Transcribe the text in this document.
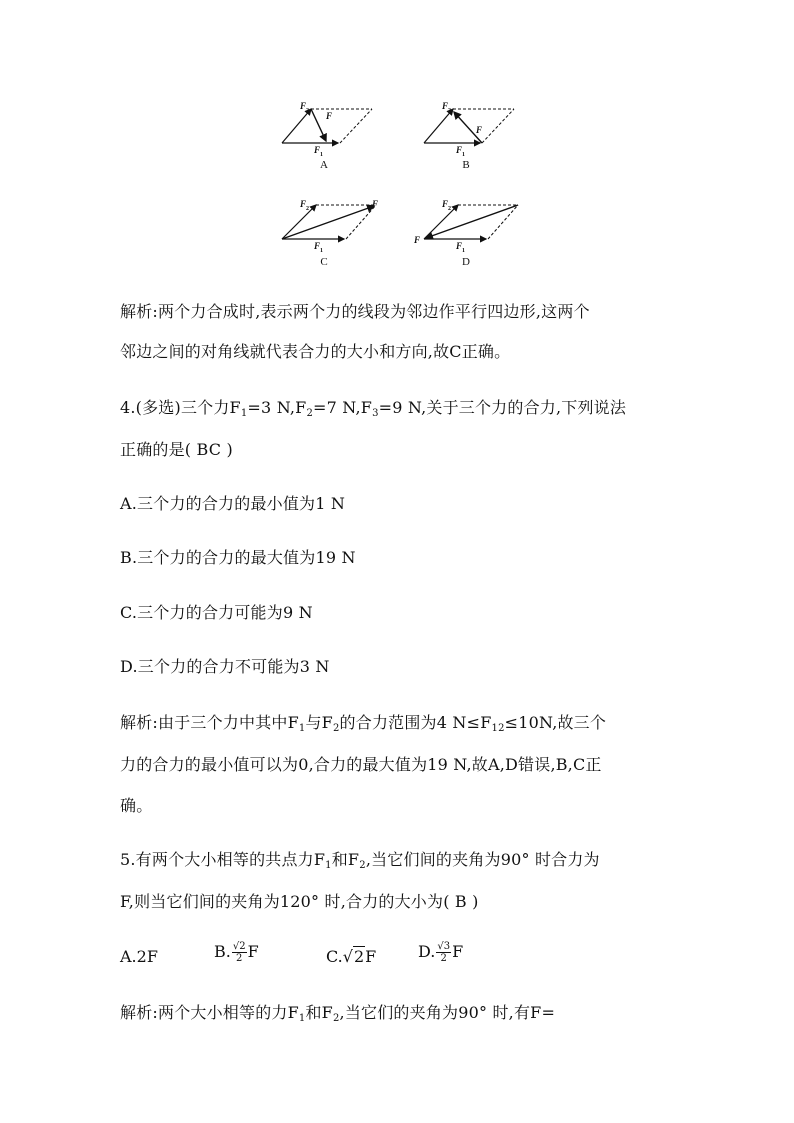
$F_2$ F
$F_1$
A
$F_2$
F
$F_1$
B
$F_2$	F
$F_1$
C
$F_2$
F
$F_1$
D
解析:两个力合成时,表示两个力的线段为邻边作平行四边形,这两个
邻边之间的对角线就代表合力的大小和方向,故C正确。
4.(多选)三个力$F_1=3$ $N,F_2=7$ $N,F_3=9$ N,关于三个力的合力,下列说法
正确的是( BC )
A.三个力的合力的最小值为1 N
B.三个力的合力的最大值为19 N
C.三个力的合力可能为9 N
D.三个力的合力不可能为3 N
解析:由于三个力中其中$F_1$与$F_2$的合力范围为4 $N\le F_{12}\le 10N$,故三个
力的合力的最小值可以为0,合力的最大值为19 N,故A,D错误,B,C正
确。
5.有两个大小相等的共点力$F_1$和$F_2$,当它们间的夹角为90° 时合力为
F,则当它们间的夹角为120° 时,合力的大小为( B )
A.2F	B. $\frac{√2}{2}$ F	C.√2F	D. $\frac{√3}{2}$ F
解析:两个大小相等的力$F_1$和$F_2$,当它们的夹角为90° 时,有F=
